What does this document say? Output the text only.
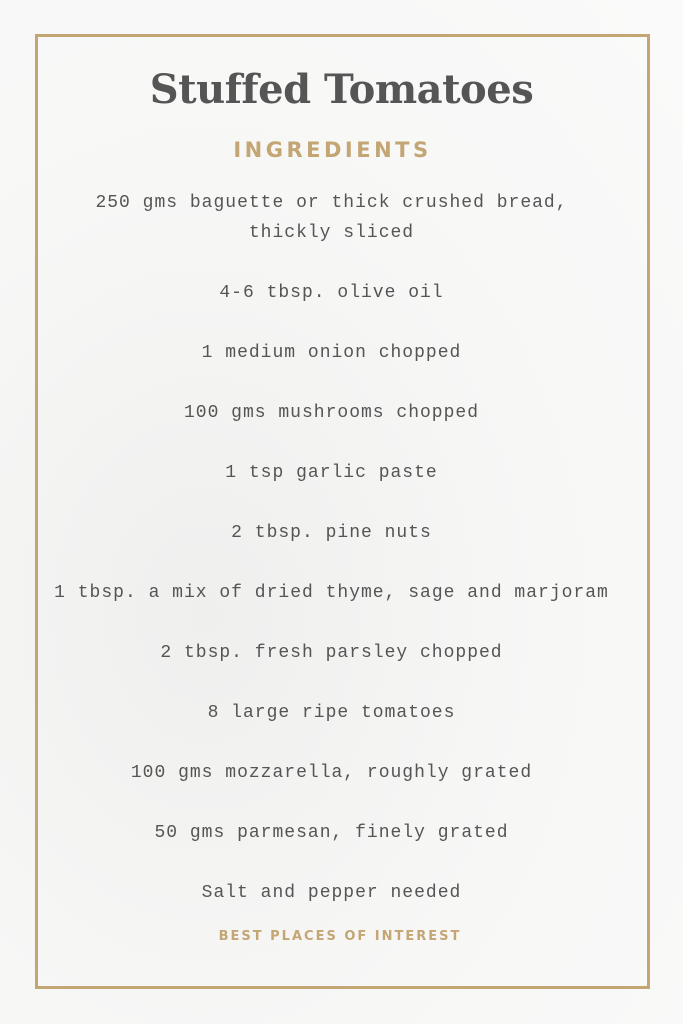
Stuffed Tomatoes
INGREDIENTS
250 gms baguette or thick crushed bread, thickly sliced
4-6 tbsp. olive oil
1 medium onion chopped
100 gms mushrooms chopped
1 tsp garlic paste
2 tbsp. pine nuts
1 tbsp. a mix of dried thyme, sage and marjoram
2 tbsp. fresh parsley chopped
8 large ripe tomatoes
100 gms mozzarella, roughly grated
50 gms parmesan, finely grated
Salt and pepper needed
BEST PLACES OF INTEREST
